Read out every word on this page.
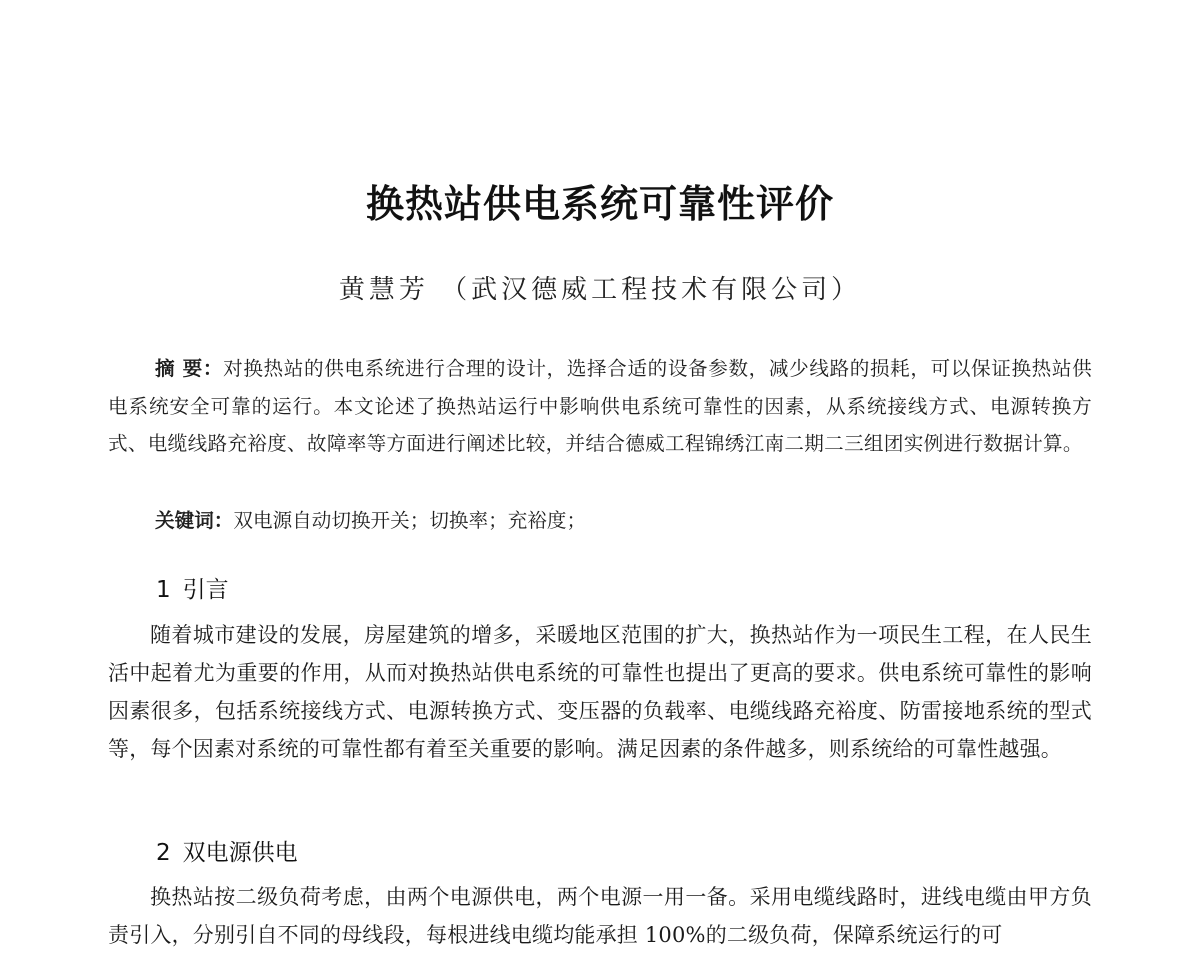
换热站供电系统可靠性评价
黄慧芳 （武汉德威工程技术有限公司）
摘 要：对换热站的供电系统进行合理的设计，选择合适的设备参数，减少线路的损耗，可以保证换热站供电系统安全可靠的运行。本文论述了换热站运行中影响供电系统可靠性的因素，从系统接线方式、电源转换方式、电缆线路充裕度、故障率等方面进行阐述比较，并结合德威工程锦绣江南二期二三组团实例进行数据计算。
关键词：双电源自动切换开关；切换率；充裕度；
1 引言
随着城市建设的发展，房屋建筑的增多，采暖地区范围的扩大，换热站作为一项民生工程，在人民生活中起着尤为重要的作用，从而对换热站供电系统的可靠性也提出了更高的要求。供电系统可靠性的影响因素很多，包括系统接线方式、电源转换方式、变压器的负载率、电缆线路充裕度、防雷接地系统的型式等，每个因素对系统的可靠性都有着至关重要的影响。满足因素的条件越多，则系统给的可靠性越强。
2 双电源供电
换热站按二级负荷考虑，由两个电源供电，两个电源一用一备。采用电缆线路时，进线电缆由甲方负责引入，分别引自不同的母线段，每根进线电缆均能承担 100%的二级负荷，保障系统运行的可
